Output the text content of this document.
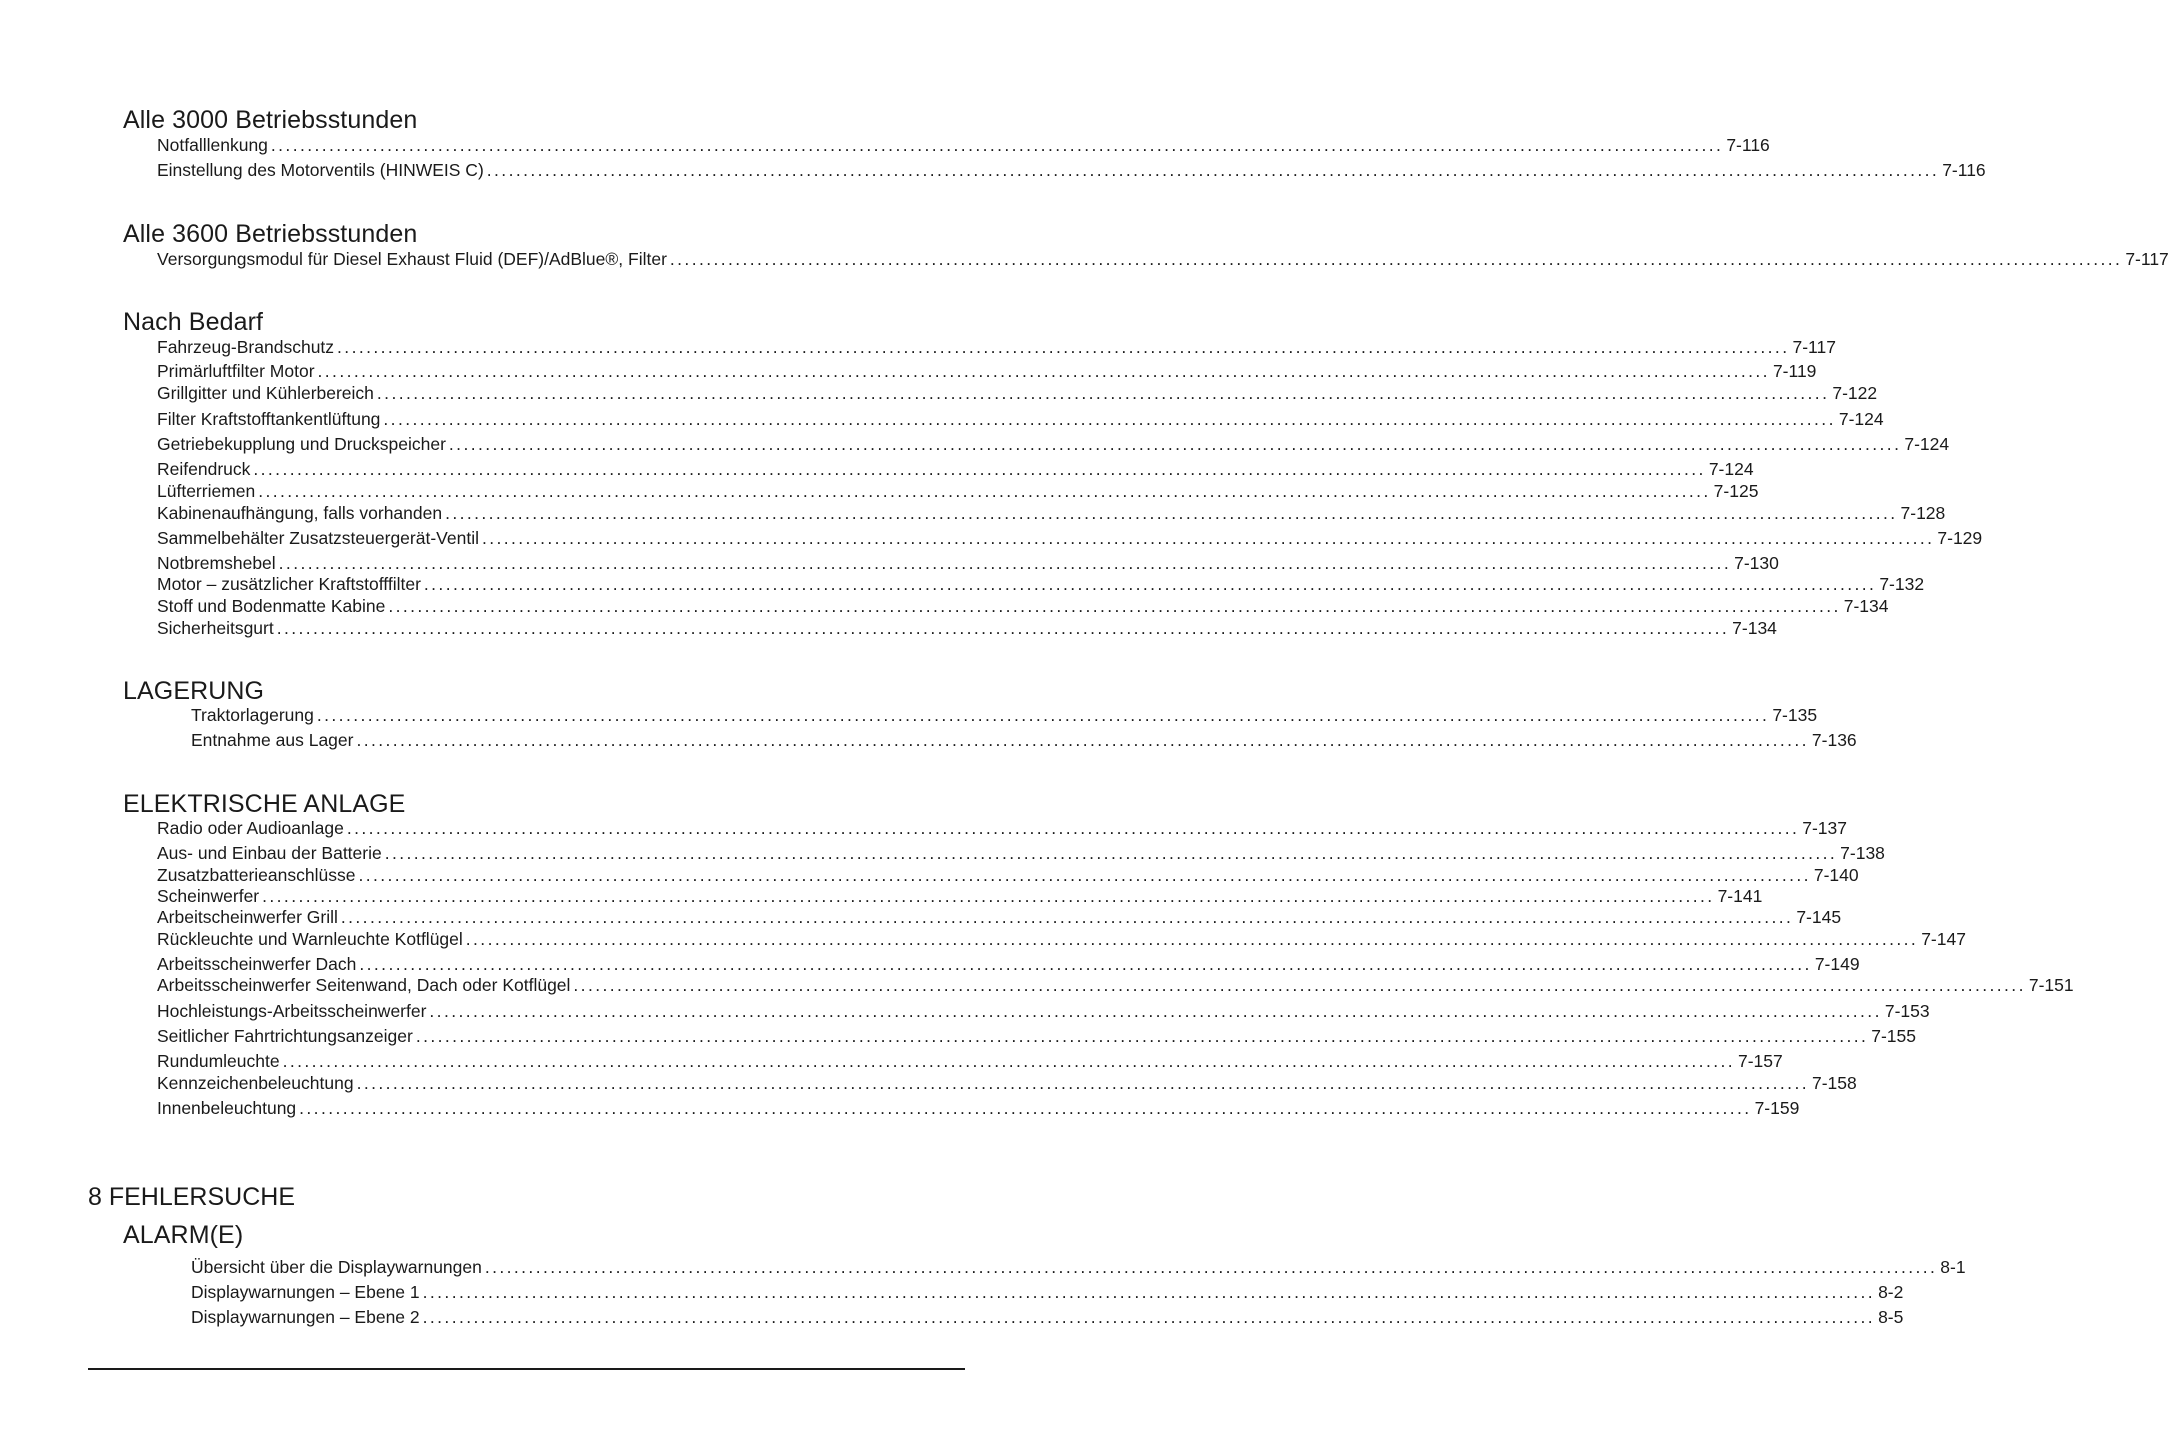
Alle 3000 Betriebsstunden
Notfalllenkung ........................................................................................................................................................................................................ 7-116
Einstellung des Motorventils (HINWEIS C) ........................................................................................................................................................................................................ 7-116
Alle 3600 Betriebsstunden
Versorgungsmodul für Diesel Exhaust Fluid (DEF)/AdBlue®, Filter ........................................................................................................................................................................................................ 7-117
Nach Bedarf
Fahrzeug-Brandschutz ........................................................................................................................................................................................................ 7-117
Primärluftfilter Motor ........................................................................................................................................................................................................ 7-119
Grillgitter und Kühlerbereich ........................................................................................................................................................................................................ 7-122
Filter Kraftstofftankentlüftung ........................................................................................................................................................................................................ 7-124
Getriebekupplung und Druckspeicher ........................................................................................................................................................................................................ 7-124
Reifendruck ........................................................................................................................................................................................................ 7-124
Lüfterriemen ........................................................................................................................................................................................................ 7-125
Kabinenaufhängung, falls vorhanden ........................................................................................................................................................................................................ 7-128
Sammelbehälter Zusatzsteuergerät-Ventil ........................................................................................................................................................................................................ 7-129
Notbremshebel ........................................................................................................................................................................................................ 7-130
Motor – zusätzlicher Kraftstofffilter ........................................................................................................................................................................................................ 7-132
Stoff und Bodenmatte Kabine ........................................................................................................................................................................................................ 7-134
Sicherheitsgurt ........................................................................................................................................................................................................ 7-134
LAGERUNG
Traktorlagerung ........................................................................................................................................................................................................ 7-135
Entnahme aus Lager ........................................................................................................................................................................................................ 7-136
ELEKTRISCHE ANLAGE
Radio oder Audioanlage ........................................................................................................................................................................................................ 7-137
Aus- und Einbau der Batterie ........................................................................................................................................................................................................ 7-138
Zusatzbatterieanschlüsse ........................................................................................................................................................................................................ 7-140
Scheinwerfer ........................................................................................................................................................................................................ 7-141
Arbeitscheinwerfer Grill ........................................................................................................................................................................................................ 7-145
Rückleuchte und Warnleuchte Kotflügel ........................................................................................................................................................................................................ 7-147
Arbeitsscheinwerfer Dach ........................................................................................................................................................................................................ 7-149
Arbeitsscheinwerfer Seitenwand, Dach oder Kotflügel ........................................................................................................................................................................................................ 7-151
Hochleistungs-Arbeitsscheinwerfer ........................................................................................................................................................................................................ 7-153
Seitlicher Fahrtrichtungsanzeiger ........................................................................................................................................................................................................ 7-155
Rundumleuchte ........................................................................................................................................................................................................ 7-157
Kennzeichenbeleuchtung ........................................................................................................................................................................................................ 7-158
Innenbeleuchtung ........................................................................................................................................................................................................ 7-159
8 FEHLERSUCHE
ALARM(E)
Übersicht über die Displaywarnungen ........................................................................................................................................................................................................ 8-1
Displaywarnungen – Ebene 1 ........................................................................................................................................................................................................ 8-2
Displaywarnungen – Ebene 2 ........................................................................................................................................................................................................ 8-5
